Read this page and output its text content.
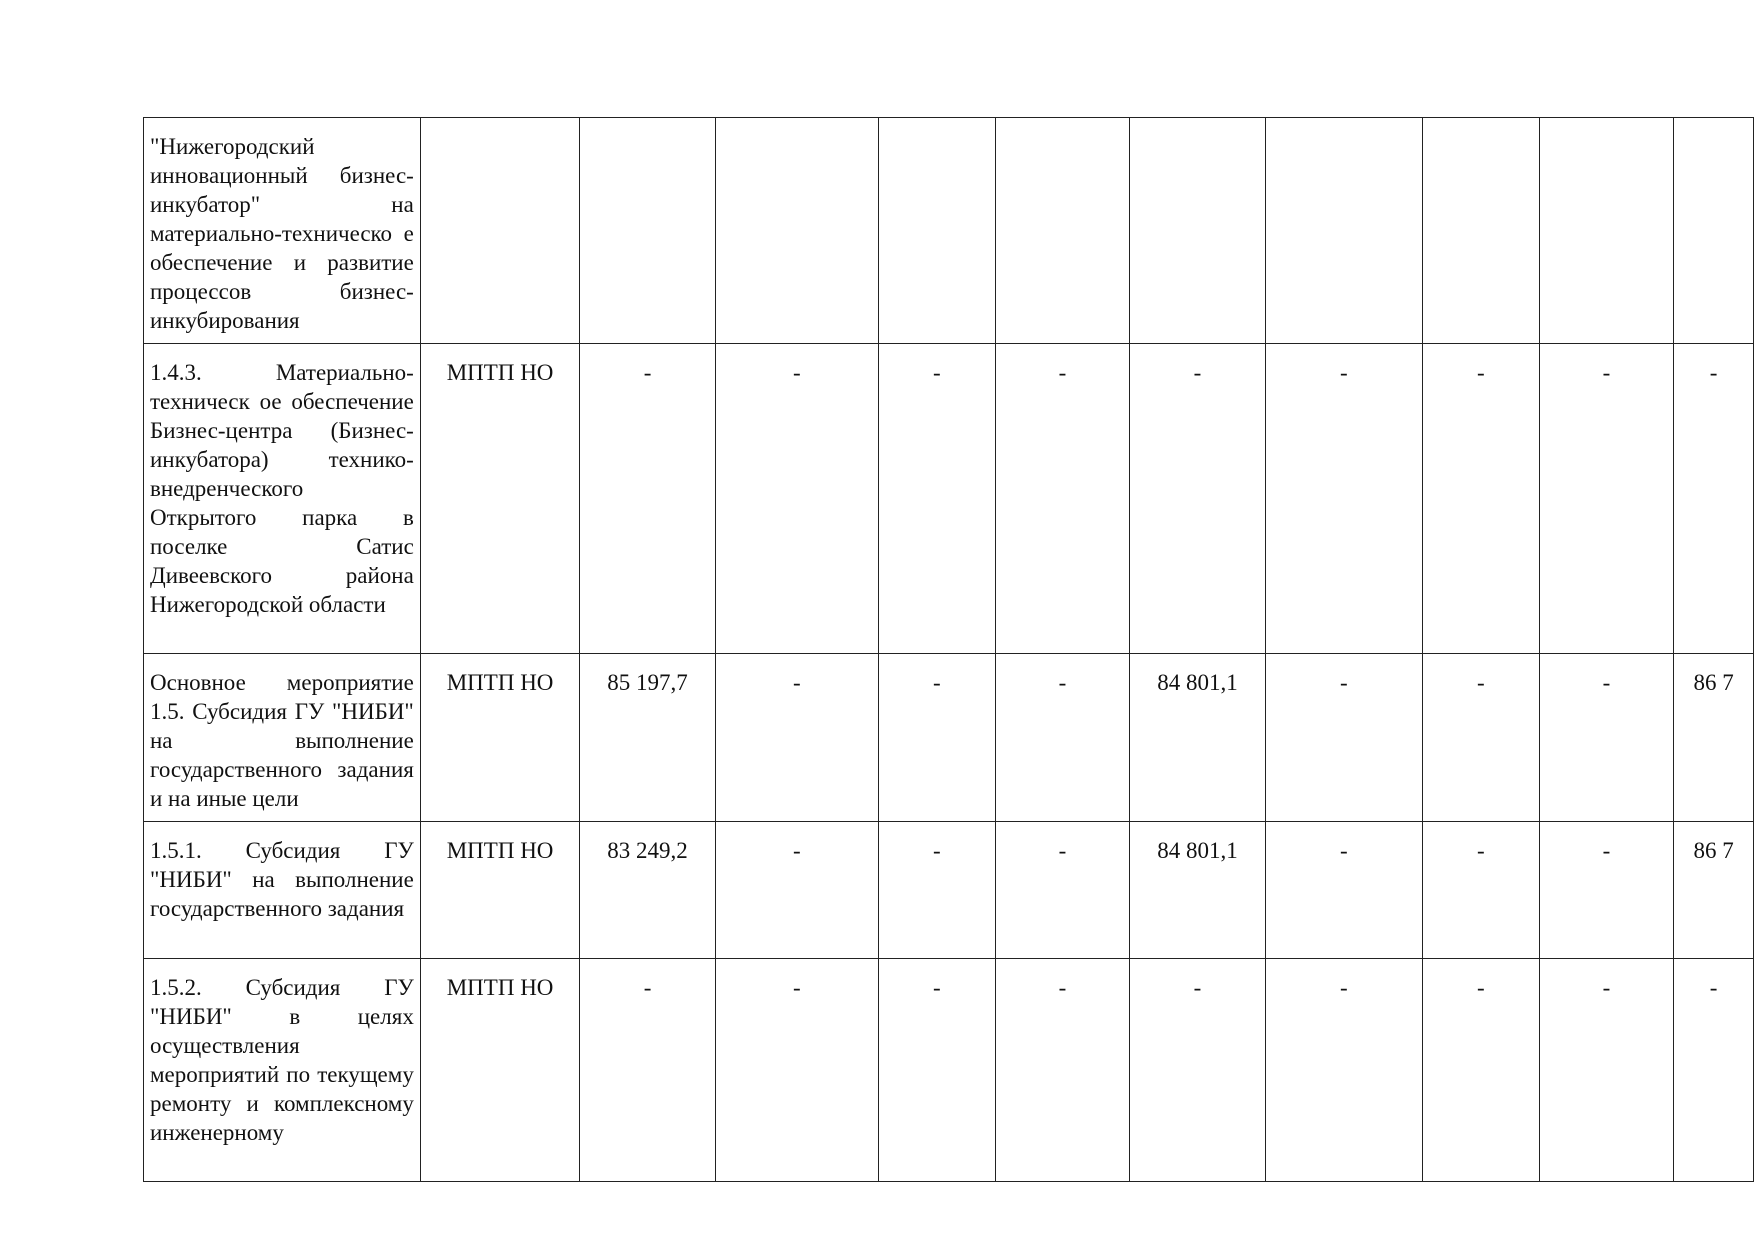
"Нижегородский инновационный бизнес-инкубатор" на материально-техническо е обеспечение и развитие процессов бизнес-инкубирования										
1.4.3. Материально-техническ ое обеспечение Бизнес-центра (Бизнес-инкубатора) технико-внедренческого Открытого парка в поселке Сатис Дивеевского района Нижегородской области	МПТП НО	-	-	-	-	-	-	-	-	-
Основное мероприятие 1.5. Субсидия ГУ "НИБИ" на выполнение государственного задания и на иные цели	МПТП НО	85 197,7	-	-	-	84 801,1	-	-	-	86 7
1.5.1. Субсидия ГУ "НИБИ" на выполнение государственного задания	МПТП НО	83 249,2	-	-	-	84 801,1	-	-	-	86 7
1.5.2. Субсидия ГУ "НИБИ" в целях осуществления мероприятий по текущему ремонту и комплексному инженерному	МПТП НО	-	-	-	-	-	-	-	-	-
